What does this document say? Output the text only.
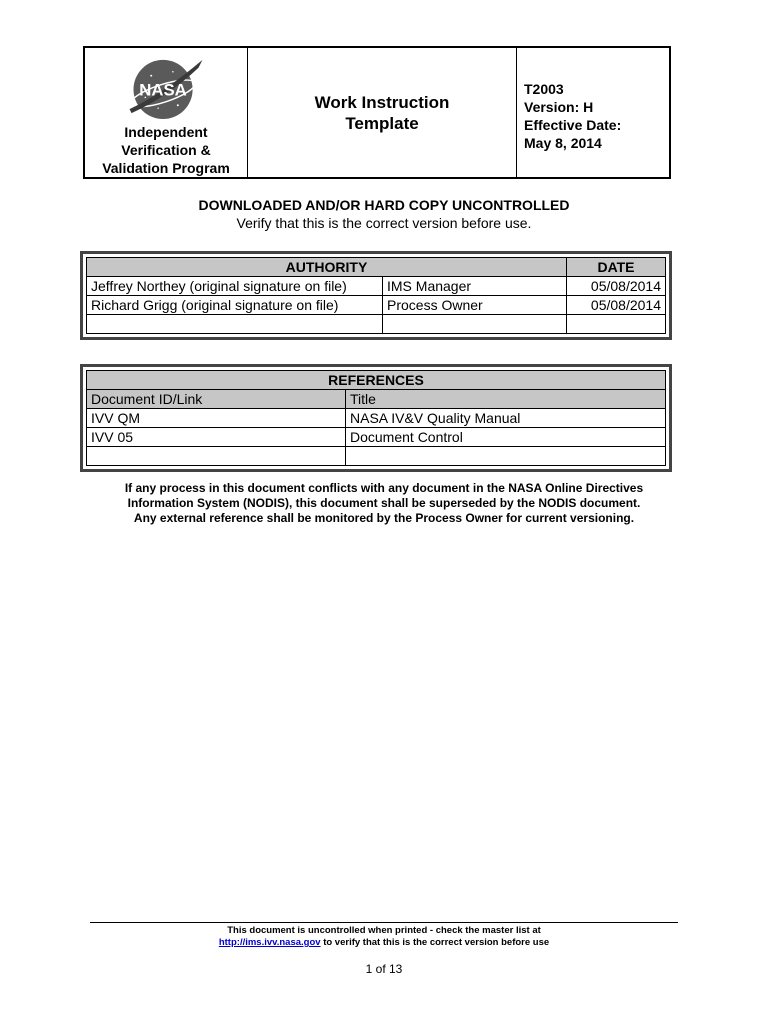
NASA
Independent
Verification &
Validation Program
Work Instruction
Template
T2003
Version: H
Effective Date:
May 8, 2014
DOWNLOADED AND/OR HARD COPY UNCONTROLLED
Verify that this is the correct version before use.
AUTHORITY		DATE
Jeffrey Northey (original signature on file)	IMS Manager	05/08/2014
Richard Grigg (original signature on file)	Process Owner	05/08/2014

REFERENCES	
Document ID/Link	Title
IVV QM	NASA IV&V Quality Manual
IVV 05	Document Control

If any process in this document conflicts with any document in the NASA Online Directives
Information System (NODIS), this document shall be superseded by the NODIS document.
Any external reference shall be monitored by the Process Owner for current versioning.
This document is uncontrolled when printed - check the master list at
http://ims.ivv.nasa.gov to verify that this is the correct version before use
1 of 13
